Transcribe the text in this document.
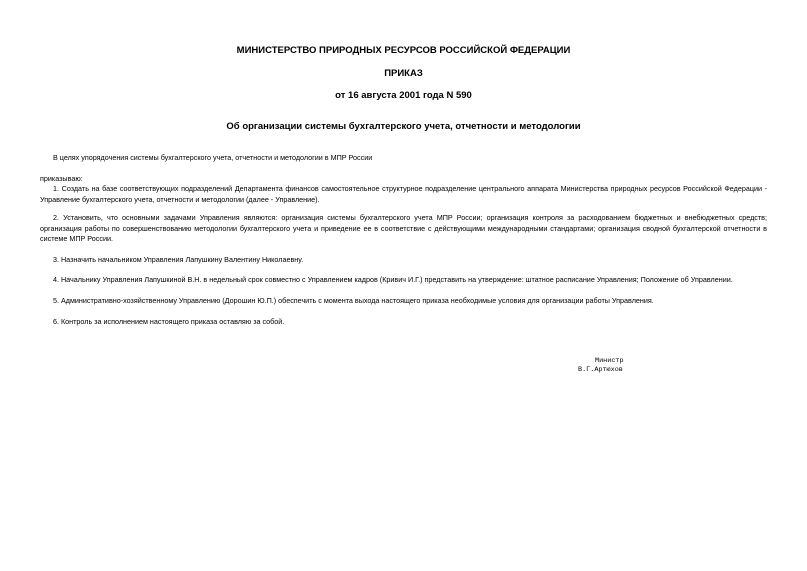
МИНИСТЕРСТВО ПРИРОДНЫХ РЕСУРСОВ РОССИЙСКОЙ ФЕДЕРАЦИИ
ПРИКАЗ
от 16 августа 2001 года N 590
Об организации системы бухгалтерского учета, отчетности и методологии
В целях упорядочения системы бухгалтерского учета, отчетности и методологии в МПР России
приказываю:
1. Создать на базе соответствующих подразделений Департамента финансов самостоятельное структурное подразделение центрального аппарата Министерства природных ресурсов Российской Федерации - Управление бухгалтерского учета, отчетности и методологии (далее - Управление).
2. Установить, что основными задачами Управления являются: организация системы бухгалтерского учета МПР России; организация контроля за расходованием бюджетных и внебюджетных средств; организация работы по совершенствованию методологии бухгалтерского учета и приведение ее в соответствие с действующими международными стандартами; организация сводной бухгалтерской отчетности в системе МПР России.
3. Назначить начальником Управления Лапушкину Валентину Николаевну.
4. Начальнику Управления Лапушкиной В.Н. в недельный срок совместно с Управлением кадров (Кривич И.Г.) представить на утверждение: штатное расписание Управления; Положение об Управлении.
5. Административно-хозяйственному Управлению (Дорошин Ю.П.) обеспечить с момента выхода настоящего приказа необходимые условия для организации работы Управления.
6. Контроль за исполнением настоящего приказа оставляю за собой.
Министр
В.Г.Артюхов
